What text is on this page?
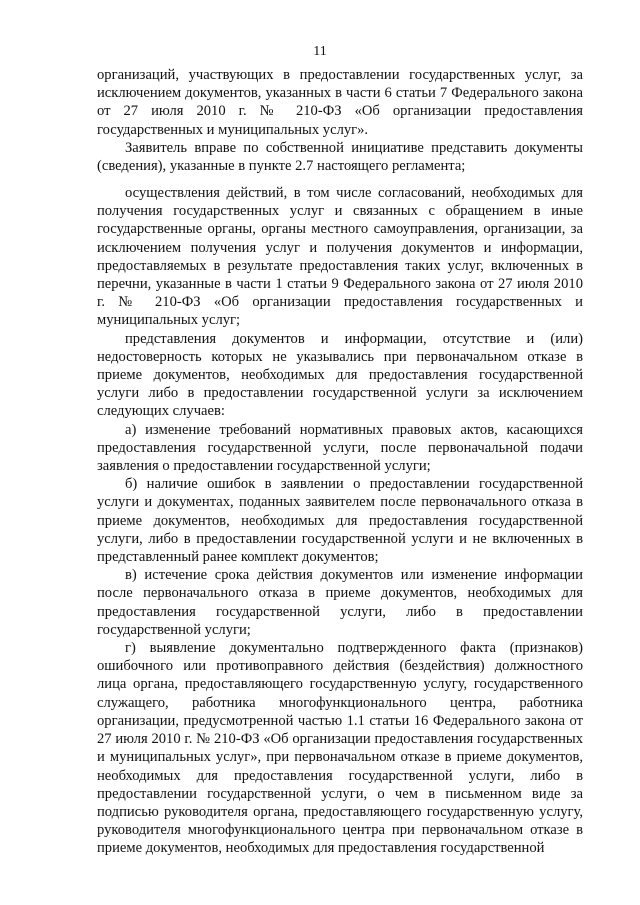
11

организаций, участвующих в предоставлении государственных услуг, за исключением документов, указанных в части 6 статьи 7 Федерального закона от 27 июля 2010 г. № 210-ФЗ «Об организации предоставления государственных и муниципальных услуг».

Заявитель вправе по собственной инициативе представить документы (сведения), указанные в пункте 2.7 настоящего регламента;

осуществления действий, в том числе согласований, необходимых для получения государственных услуг и связанных с обращением в иные государственные органы, органы местного самоуправления, организации, за исключением получения услуг и получения документов и информации, предоставляемых в результате предоставления таких услуг, включенных в перечни, указанные в части 1 статьи 9 Федерального закона от 27 июля 2010 г. № 210-ФЗ «Об организации предоставления государственных и муниципальных услуг;

представления документов и информации, отсутствие и (или) недостоверность которых не указывались при первоначальном отказе в приеме документов, необходимых для предоставления государственной услуги либо в предоставлении государственной услуги за исключением следующих случаев:

а) изменение требований нормативных правовых актов, касающихся предоставления государственной услуги, после первоначальной подачи заявления о предоставлении государственной услуги;

б) наличие ошибок в заявлении о предоставлении государственной услуги и документах, поданных заявителем после первоначального отказа в приеме документов, необходимых для предоставления государственной услуги, либо в предоставлении государственной услуги и не включенных в представленный ранее комплект документов;

в) истечение срока действия документов или изменение информации после первоначального отказа в приеме документов, необходимых для предоставления государственной услуги, либо в предоставлении государственной услуги;

г) выявление документально подтвержденного факта (признаков) ошибочного или противоправного действия (бездействия) должностного лица органа, предоставляющего государственную услугу, государственного служащего, работника многофункционального центра, работника организации, предусмотренной частью 1.1 статьи 16 Федерального закона от 27 июля 2010 г. № 210-ФЗ «Об организации предоставления государственных и муниципальных услуг», при первоначальном отказе в приеме документов, необходимых для предоставления государственной услуги, либо в предоставлении государственной услуги, о чем в письменном виде за подписью руководителя органа, предоставляющего государственную услугу, руководителя многофункционального центра при первоначальном отказе в приеме документов, необходимых для предоставления государственной
